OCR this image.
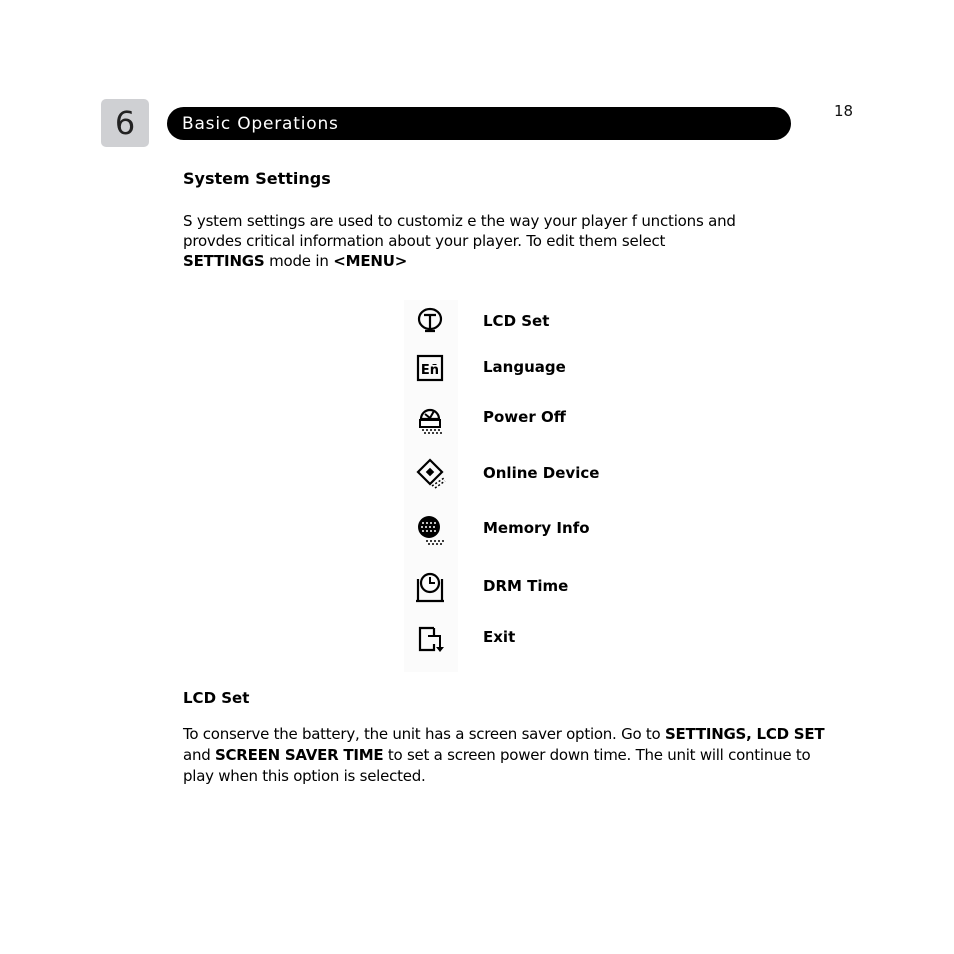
6	Basic Operations
18
System Settings
S ystem settings are used to customiz e the way your player f unctions and
provdes critical information about your player. To edit them select
SETTINGS mode in <MENU>
LCD Set
Eñ	Language
Power Off
Online Device
Memory Info
DRM Time
Exit
LCD Set
To conserve the battery, the unit has a screen saver option. Go to SETTINGS, LCD SET
and SCREEN SAVER TIME to set a screen power down time. The unit will continue to
play when this option is selected.
